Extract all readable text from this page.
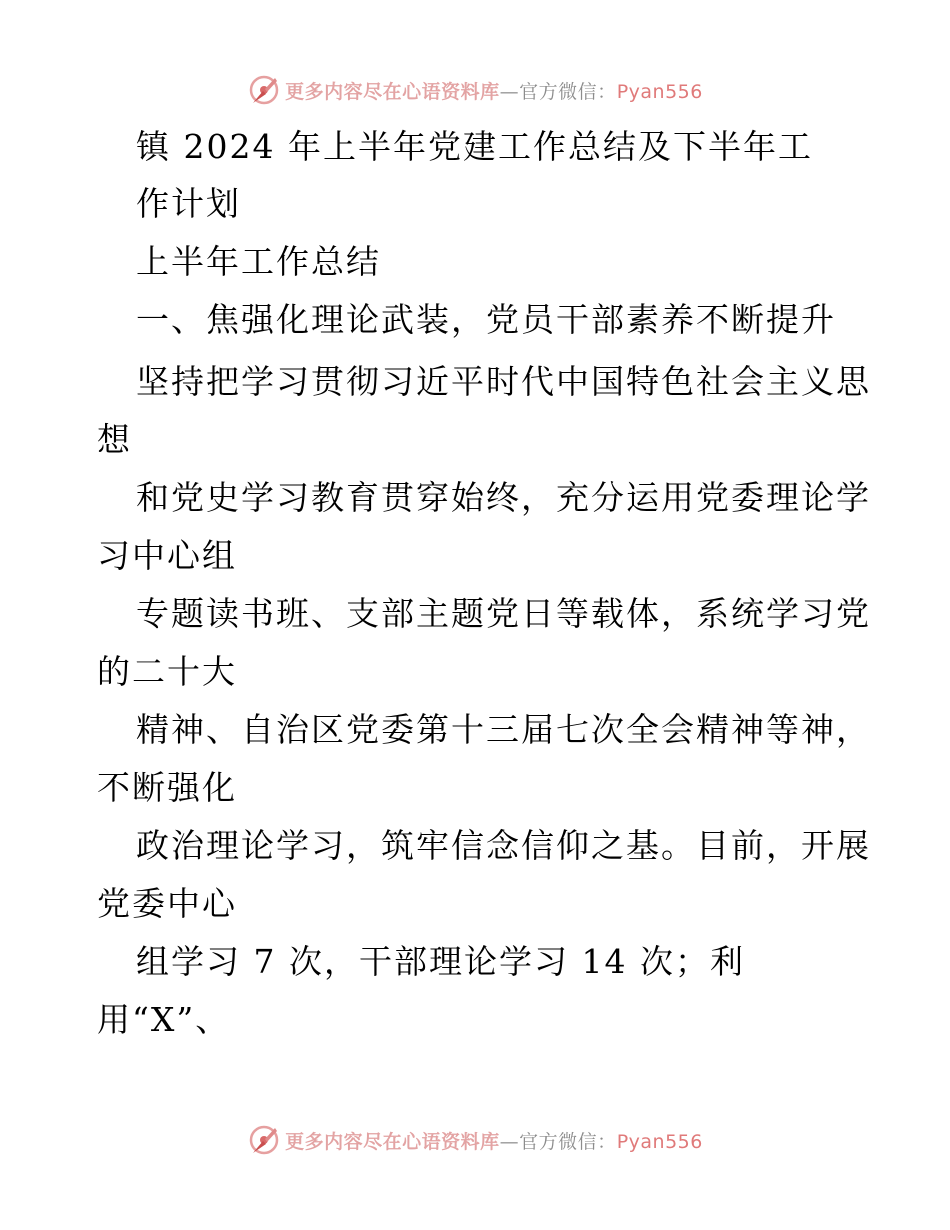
更多内容尽在心语资料库—官方微信：Pyan556
镇 2024 年上半年党建工作总结及下半年工
作计划
上半年工作总结
一、焦强化理论武装，党员干部素养不断提升
坚持把学习贯彻习近平时代中国特色社会主义思
想
和党史学习教育贯穿始终，充分运用党委理论学
习中心组
专题读书班、支部主题党日等载体，系统学习党
的二十大
精神、自治区党委第十三届七次全会精神等神，
不断强化
政治理论学习，筑牢信念信仰之基。目前，开展
党委中心
组学习 7 次，干部理论学习 14 次；利
用“X”、
更多内容尽在心语资料库—官方微信：Pyan556
